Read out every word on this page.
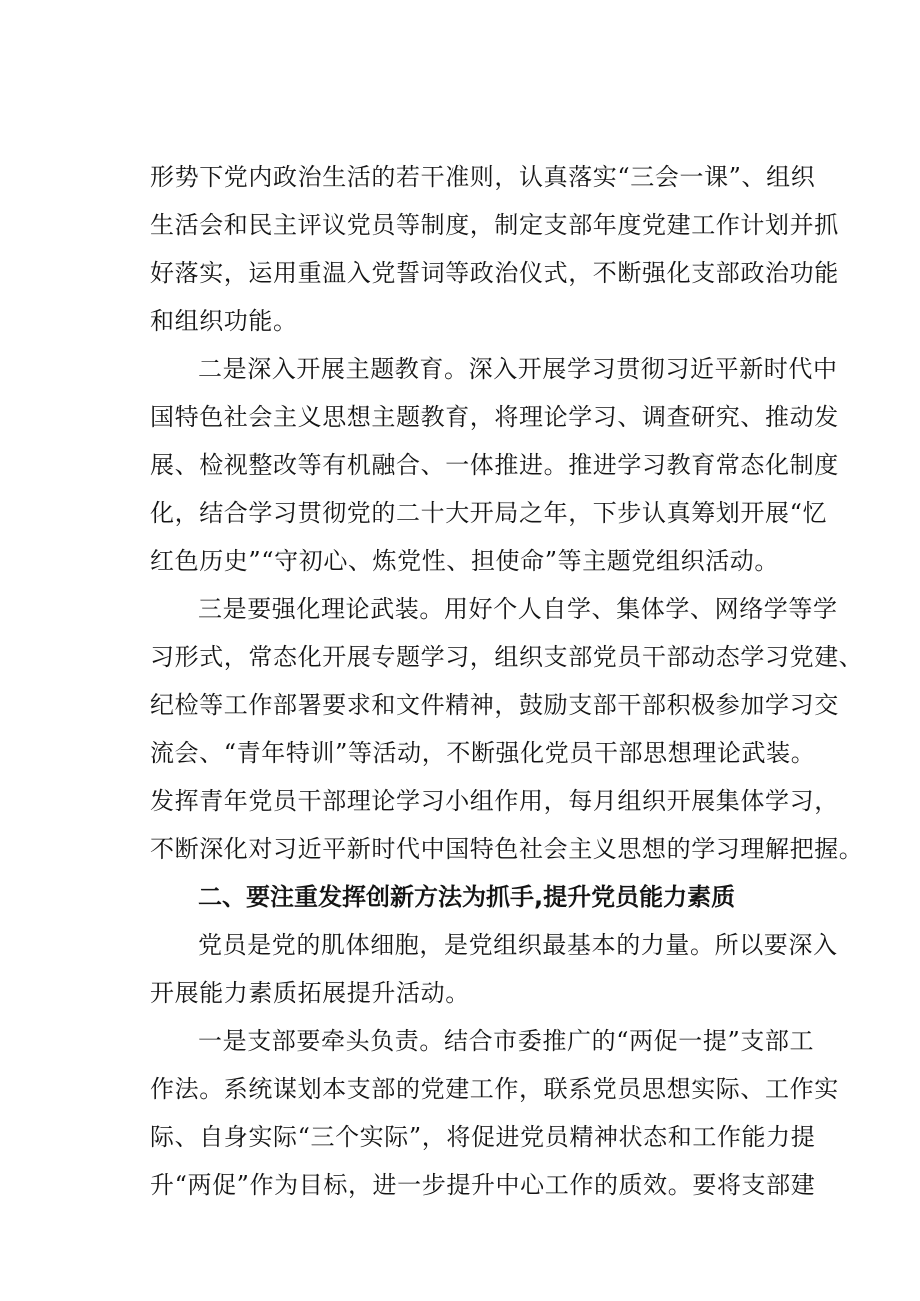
形势下党内政治生活的若干准则，认真落实“三会一课”、组织
生活会和民主评议党员等制度，制定支部年度党建工作计划并抓
好落实，运用重温入党誓词等政治仪式，不断强化支部政治功能
和组织功能。
二是深入开展主题教育。深入开展学习贯彻习近平新时代中
国特色社会主义思想主题教育，将理论学习、调查研究、推动发
展、检视整改等有机融合、一体推进。推进学习教育常态化制度
化，结合学习贯彻党的二十大开局之年，下步认真筹划开展“忆
红色历史”“守初心、炼党性、担使命”等主题党组织活动。
三是要强化理论武装。用好个人自学、集体学、网络学等学
习形式，常态化开展专题学习，组织支部党员干部动态学习党建、
纪检等工作部署要求和文件精神，鼓励支部干部积极参加学习交
流会、“青年特训”等活动，不断强化党员干部思想理论武装。
发挥青年党员干部理论学习小组作用，每月组织开展集体学习，
不断深化对习近平新时代中国特色社会主义思想的学习理解把握。
二、要注重发挥创新方法为抓手,提升党员能力素质
党员是党的肌体细胞，是党组织最基本的力量。所以要深入
开展能力素质拓展提升活动。
一是支部要牵头负责。结合市委推广的“两促一提”支部工
作法。系统谋划本支部的党建工作，联系党员思想实际、工作实
际、自身实际“三个实际”，将促进党员精神状态和工作能力提
升“两促”作为目标，进一步提升中心工作的质效。要将支部建
